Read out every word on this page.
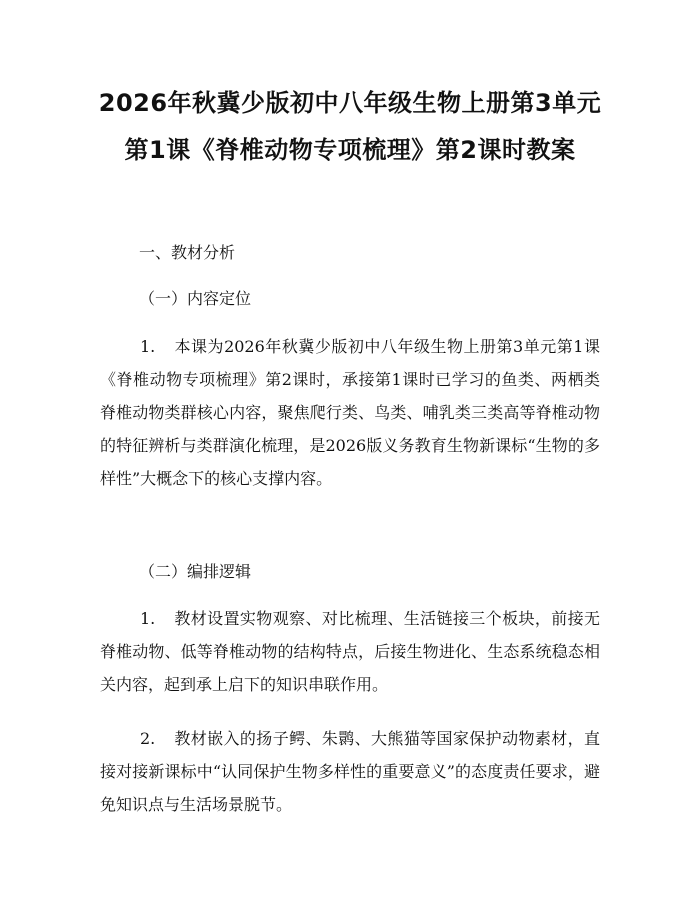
2026年秋冀少版初中八年级生物上册第3单元第1课《脊椎动物专项梳理》第2课时教案

一、教材分析

（一）内容定位

1. 本课为2026年秋冀少版初中八年级生物上册第3单元第1课《脊椎动物专项梳理》第2课时，承接第1课时已学习的鱼类、两栖类脊椎动物类群核心内容，聚焦爬行类、鸟类、哺乳类三类高等脊椎动物的特征辨析与类群演化梳理，是2026版义务教育生物新课标“生物的多样性”大概念下的核心支撑内容。

（二）编排逻辑

1. 教材设置实物观察、对比梳理、生活链接三个板块，前接无脊椎动物、低等脊椎动物的结构特点，后接生物进化、生态系统稳态相关内容，起到承上启下的知识串联作用。

2. 教材嵌入的扬子鳄、朱鹮、大熊猫等国家保护动物素材，直接对接新课标中“认同保护生物多样性的重要意义”的态度责任要求，避免知识点与生活场景脱节。
